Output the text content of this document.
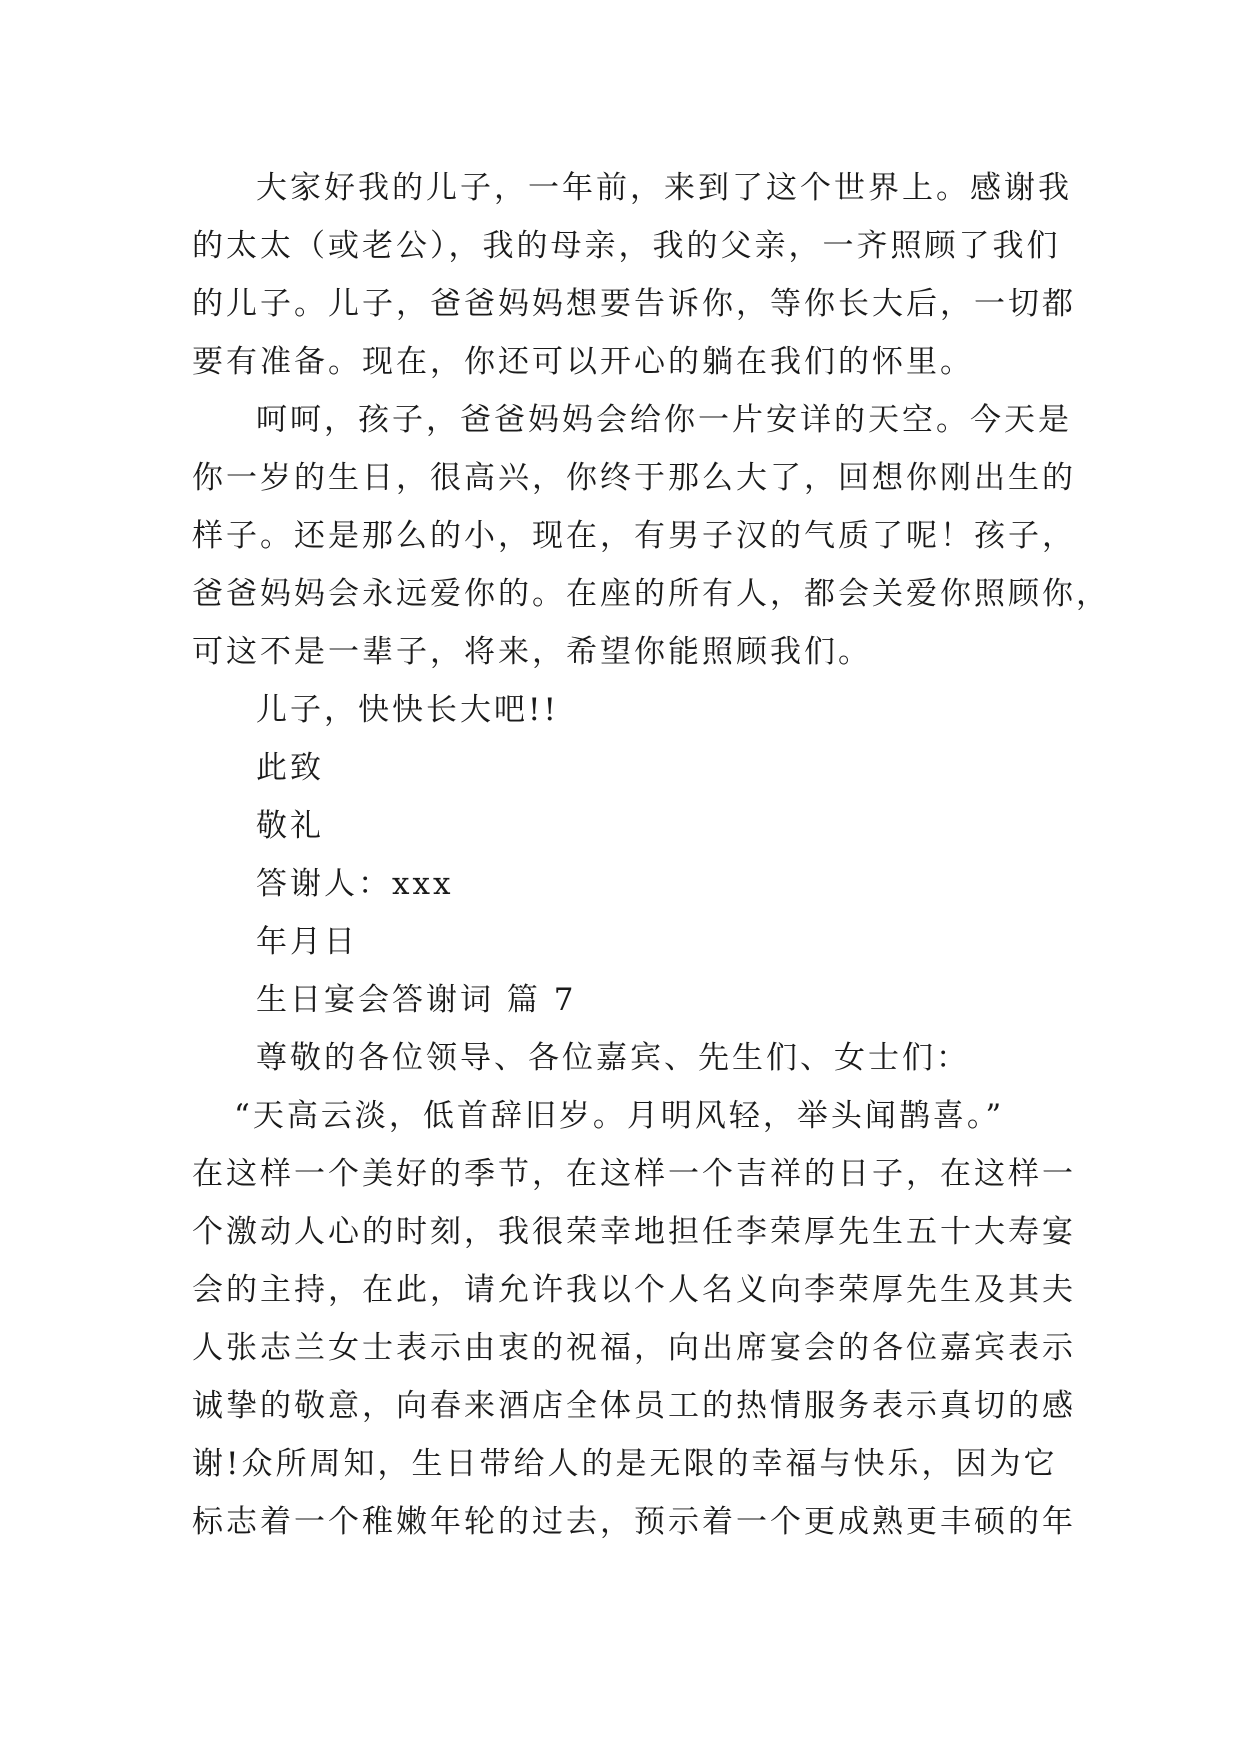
大家好我的儿子，一年前，来到了这个世界上。感谢我
的太太（或老公），我的母亲，我的父亲，一齐照顾了我们
的儿子。儿子，爸爸妈妈想要告诉你，等你长大后，一切都
要有准备。现在，你还可以开心的躺在我们的怀里。
呵呵，孩子，爸爸妈妈会给你一片安详的天空。今天是
你一岁的生日，很高兴，你终于那么大了，回想你刚出生的
样子。还是那么的小，现在，有男子汉的气质了呢！孩子，
爸爸妈妈会永远爱你的。在座的所有人，都会关爱你照顾你，
可这不是一辈子，将来，希望你能照顾我们。
儿子，快快长大吧!!
此致
敬礼
答谢人：xxx
年月日
生日宴会答谢词 篇 7
尊敬的各位领导、各位嘉宾、先生们、女士们：
“天高云淡，低首辞旧岁。月明风轻，举头闻鹊喜。”
在这样一个美好的季节，在这样一个吉祥的日子，在这样一
个激动人心的时刻，我很荣幸地担任李荣厚先生五十大寿宴
会的主持，在此，请允许我以个人名义向李荣厚先生及其夫
人张志兰女士表示由衷的祝福，向出席宴会的各位嘉宾表示
诚挚的敬意，向春来酒店全体员工的热情服务表示真切的感
谢!众所周知，生日带给人的是无限的幸福与快乐，因为它
标志着一个稚嫩年轮的过去，预示着一个更成熟更丰硕的年
